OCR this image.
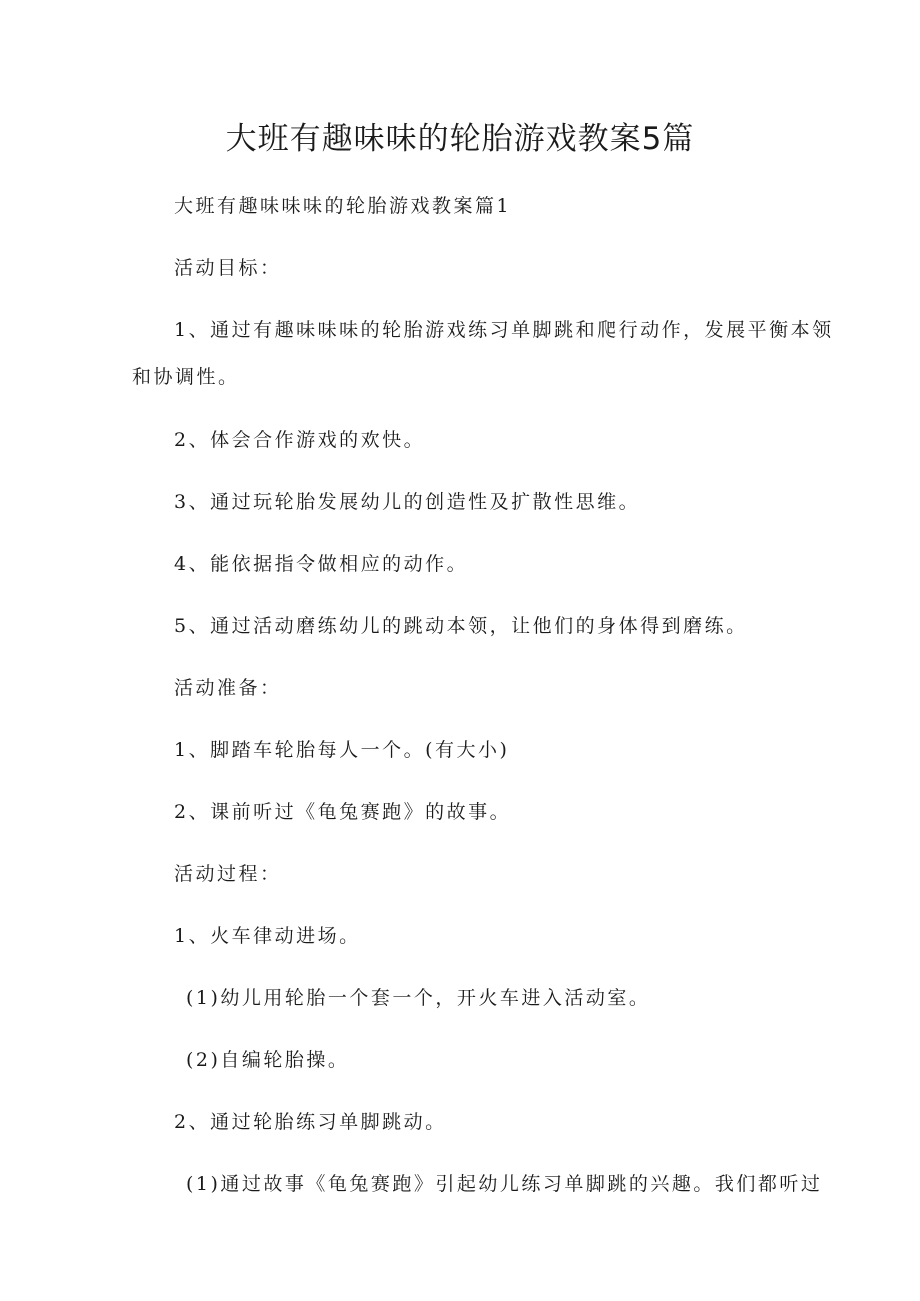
大班有趣味味的轮胎游戏教案5篇

大班有趣味味味的轮胎游戏教案篇1

活动目标：

1、通过有趣味味味的轮胎游戏练习单脚跳和爬行动作，发展平衡本领

和协调性。

2、体会合作游戏的欢快。

3、通过玩轮胎发展幼儿的创造性及扩散性思维。

4、能依据指令做相应的动作。

5、通过活动磨练幼儿的跳动本领，让他们的身体得到磨练。

活动准备：

1、脚踏车轮胎每人一个。(有大小)

2、课前听过《龟兔赛跑》的故事。

活动过程：

1、火车律动进场。

(1)幼儿用轮胎一个套一个，开火车进入活动室。

(2)自编轮胎操。

2、通过轮胎练习单脚跳动。

(1)通过故事《龟兔赛跑》引起幼儿练习单脚跳的兴趣。我们都听过
